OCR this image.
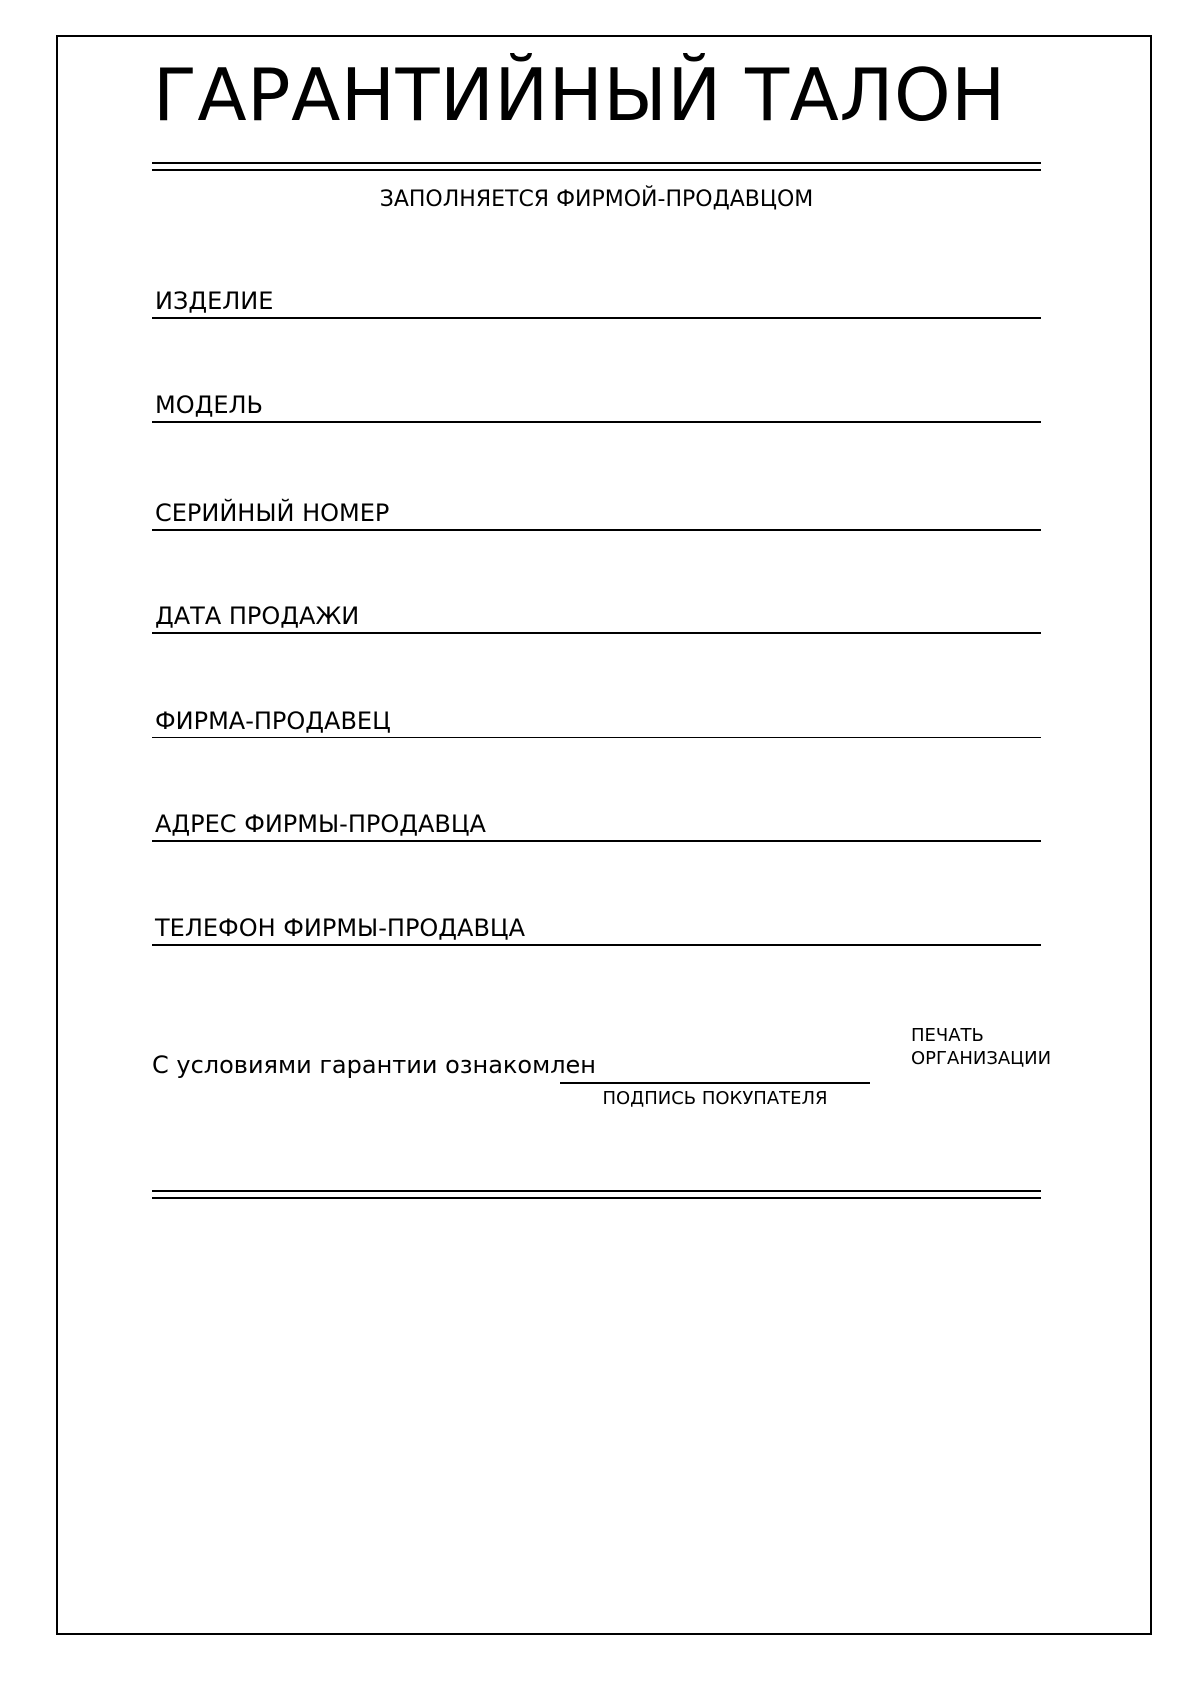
ГАРАНТИЙНЫЙ ТАЛОН
ЗАПОЛНЯЕТСЯ ФИРМОЙ-ПРОДАВЦОМ
ИЗДЕЛИЕ
МОДЕЛЬ
СЕРИЙНЫЙ НОМЕР
ДАТА ПРОДАЖИ
ФИРМА-ПРОДАВЕЦ
АДРЕС ФИРМЫ-ПРОДАВЦА
ТЕЛЕФОН ФИРМЫ-ПРОДАВЦА
С условиями гарантии ознакомлен
ПОДПИСЬ ПОКУПАТЕЛЯ
ПЕЧАТЬ
ОРГАНИЗАЦИИ
